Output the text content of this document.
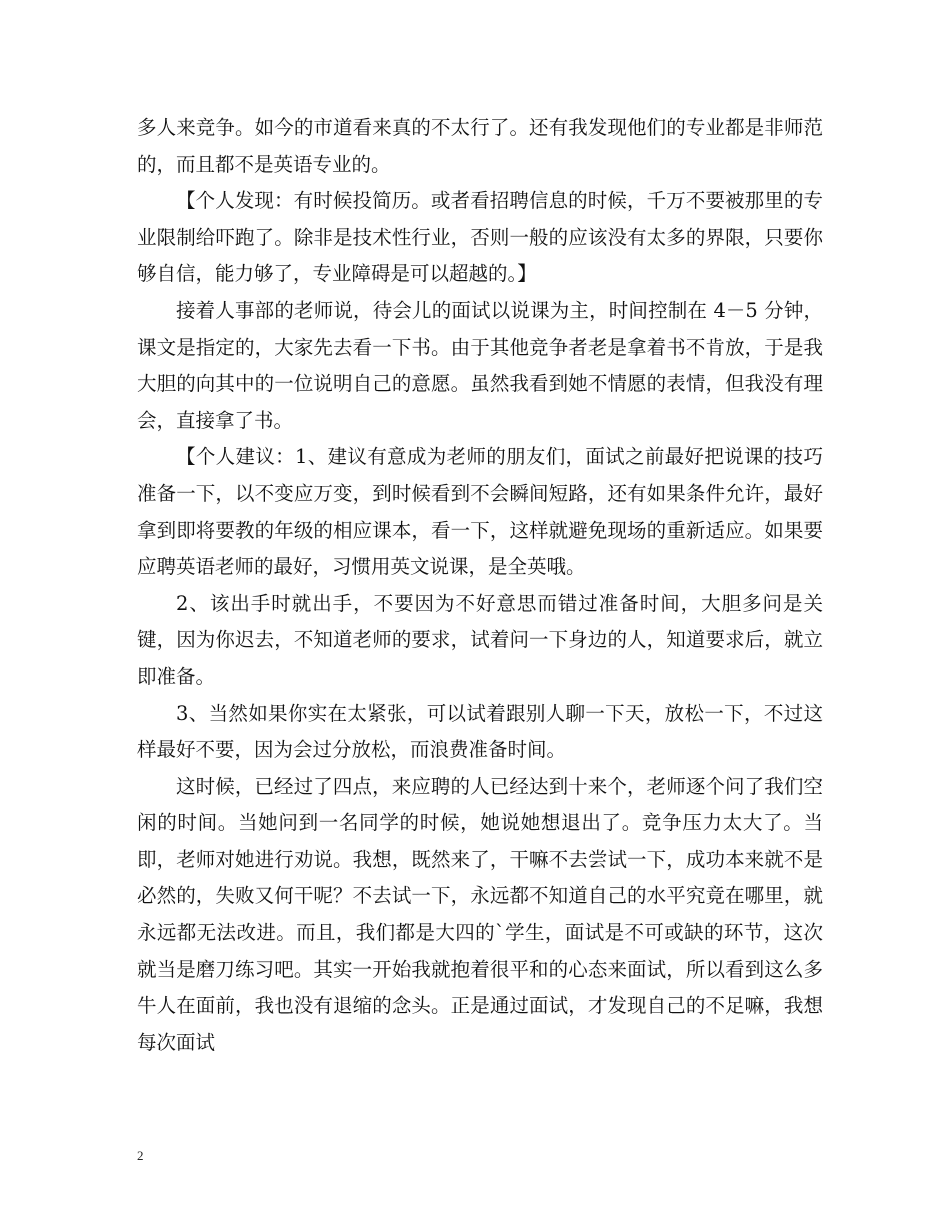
多人来竞争。如今的市道看来真的不太行了。还有我发现他们的专业都是非师范的，而且都不是英语专业的。

【个人发现：有时候投简历。或者看招聘信息的时候，千万不要被那里的专业限制给吓跑了。除非是技术性行业，否则一般的应该没有太多的界限，只要你够自信，能力够了，专业障碍是可以超越的。】

接着人事部的老师说，待会儿的面试以说课为主，时间控制在 4－5 分钟，课文是指定的，大家先去看一下书。由于其他竞争者老是拿着书不肯放，于是我大胆的向其中的一位说明自己的意愿。虽然我看到她不情愿的表情，但我没有理会，直接拿了书。

【个人建议：1、建议有意成为老师的朋友们，面试之前最好把说课的技巧准备一下，以不变应万变，到时候看到不会瞬间短路，还有如果条件允许，最好拿到即将要教的年级的相应课本，看一下，这样就避免现场的重新适应。如果要应聘英语老师的最好，习惯用英文说课，是全英哦。

2、该出手时就出手，不要因为不好意思而错过准备时间，大胆多问是关键，因为你迟去，不知道老师的要求，试着问一下身边的人，知道要求后，就立即准备。

3、当然如果你实在太紧张，可以试着跟别人聊一下天，放松一下，不过这样最好不要，因为会过分放松，而浪费准备时间。

这时候，已经过了四点，来应聘的人已经达到十来个，老师逐个问了我们空闲的时间。当她问到一名同学的时候，她说她想退出了。竞争压力太大了。当即，老师对她进行劝说。我想，既然来了，干嘛不去尝试一下，成功本来就不是必然的，失败又何干呢？不去试一下，永远都不知道自己的水平究竟在哪里，就永远都无法改进。而且，我们都是大四的`学生，面试是不可或缺的环节，这次就当是磨刀练习吧。其实一开始我就抱着很平和的心态来面试，所以看到这么多牛人在面前，我也没有退缩的念头。正是通过面试，才发现自己的不足嘛，我想每次面试

2
